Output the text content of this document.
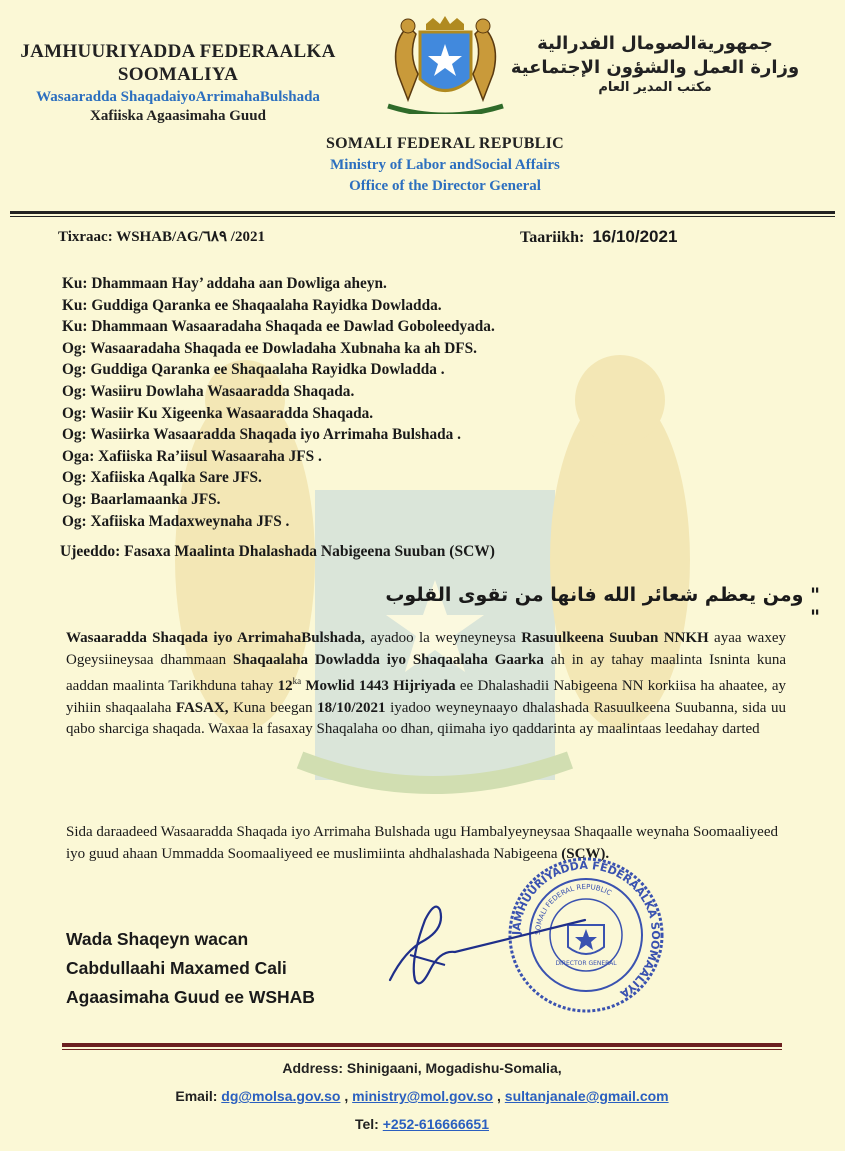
JAMHUURIYADDA FEDERAALKA
SOOMALIYA
Wasaaradda ShaqadaiyoArrimahaBulshada
Xafiiska Agaasimaha Guud
جمهوريةالصومال الفدرالية
وزارة العمل والشؤون الإجتماعية
مكتب المدير العام
SOMALI FEDERAL REPUBLIC
Ministry of Labor andSocial Affairs
Office of the Director General
Tixraac: WSHAB/AG/٦٨٩ /2021	Taariikh: 16/10/2021
Ku: Dhammaan Hay’ addaha aan Dowliga aheyn.
Ku: Guddiga Qaranka ee Shaqaalaha Rayidka Dowladda.
Ku: Dhammaan Wasaaradaha Shaqada ee Dawlad Goboleedyada.
Og: Wasaaradaha Shaqada ee Dowladaha Xubnaha ka ah DFS.
Og: Guddiga Qaranka ee Shaqaalaha Rayidka Dowladda .
Og: Wasiiru Dowlaha Wasaaradda Shaqada.
Og: Wasiir Ku Xigeenka Wasaaradda Shaqada.
Og: Wasiirka Wasaaradda Shaqada iyo Arrimaha Bulshada .
Oga: Xafiiska Ra’iisul Wasaaraha JFS .
Og: Xafiiska Aqalka Sare JFS.
Og: Baarlamaanka JFS.
Og: Xafiiska Madaxweynaha JFS .
Ujeeddo: Fasaxa Maalinta Dhalashada Nabigeena Suuban (SCW)
" ومن يعظم شعائر الله فانها من تقوى القلوب "
Wasaaradda Shaqada iyo ArrimahaBulshada, ayadoo la weyneyneysa Rasuulkeena Suuban NNKH ayaa waxey Ogeysiineysaa dhammaan Shaqaalaha Dowladda iyo Shaqaalaha Gaarka ah in ay tahay maalinta Isninta kuna aaddan maalinta Tarikhduna tahay $12^{ka}$ Mowlid 1443 Hijriyada ee Dhalashadii Nabigeena NN korkiisa ha ahaatee, ay yihiin shaqaalaha FASAX, Kuna beegan 18/10/2021 iyadoo weyneynaayo dhalashada Rasuulkeena Suubanna, sida uu qabo sharciga shaqada. Waxaa la fasaxay Shaqalaha oo dhan, qiimaha iyo qaddarinta ay maalintaas leedahay darted
Sida daraadeed Wasaaradda Shaqada iyo Arrimaha Bulshada ugu Hambalyeyneysaa Shaqaalle weynaha Soomaaliyeed iyo guud ahaan Ummadda Soomaaliyeed ee muslimiinta ahdhalashada Nabigeena (SCW).
Wada Shaqeyn wacan
Cabdullaahi Maxamed Cali
Agaasimaha Guud ee WSHAB
JAMHUURIYADDA FEDERAALKA SOOMAALIYA
SOMALI FEDERAL REPUBLIC
DIRECTOR GENERAL
Address: Shinigaani, Mogadishu-Somalia,
Email: dg@molsa.gov.so , ministry@mol.gov.so , sultanjanale@gmail.com
Tel: +252-616666651
